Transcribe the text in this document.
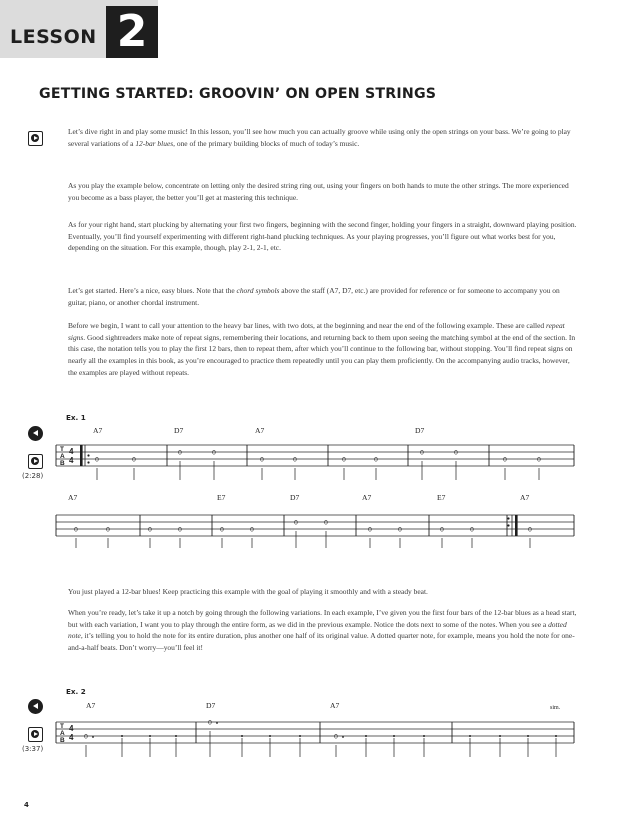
LESSON 2
GETTING STARTED: GROOVIN’ ON OPEN STRINGS

Let’s dive right in and play some music! In this lesson, you’ll see how much you can actually groove while using only the open strings on your bass. We’re going to play several variations of a 12-bar blues, one of the primary building blocks of much of today’s music.

As you play the example below, concentrate on letting only the desired string ring out, using your fingers on both hands to mute the other strings. The more experienced you become as a bass player, the better you’ll get at mastering this technique.

As for your right hand, start plucking by alternating your first two fingers, beginning with the second finger, holding your fingers in a straight, downward playing position. Eventually, you’ll find yourself experimenting with different right-hand plucking techniques. As your playing progresses, you’ll figure out what works best for you, depending on the situation. For this example, though, play 2-1, 2-1, etc.

Let’s get started. Here’s a nice, easy blues. Note that the chord symbols above the staff (A7, D7, etc.) are provided for reference or for someone to accompany you on guitar, piano, or another chordal instrument.

Before we begin, I want to call your attention to the heavy bar lines, with two dots, at the beginning and near the end of the following example. These are called repeat signs. Good sightreaders make note of repeat signs, remembering their locations, and returning back to them upon seeing the matching symbol at the end of the section. In this case, the notation tells you to play the first 12 bars, then to repeat them, after which you’ll continue to the following bar, without stopping. You’ll find repeat signs on nearly all the examples in this book, as you’re encouraged to practice them repeatedly until you can play them proficiently. On the accompanying audio tracks, however, the examples are played without repeats.

Ex. 1
(2:28)
A7	D7	A7	D7
A7	E7	D7	A7	E7	A7
T
A
B
T
A
B
4
4
4
4
0	0
0	0
0	0	0	0
0	0
0	0
0	0	0	0	0	0
0	0
0	0	0	0	0
0
0
0

You just played a 12-bar blues! Keep practicing this example with the goal of playing it smoothly and with a steady beat.

When you’re ready, let’s take it up a notch by going through the following variations. In each example, I’ve given you the first four bars of the 12-bar blues as a head start, but with each variation, I want you to play through the entire form, as we did in the previous example. Notice the dots next to some of the notes. When you see a dotted note, it’s telling you to hold the note for its entire duration, plus another one half of its original value. A dotted quarter note, for example, means you hold the note for one-and-a-half beats. Don’t worry—you’ll feel it!

Ex. 2
(3:37)
A7	D7	A7	sim.
4
